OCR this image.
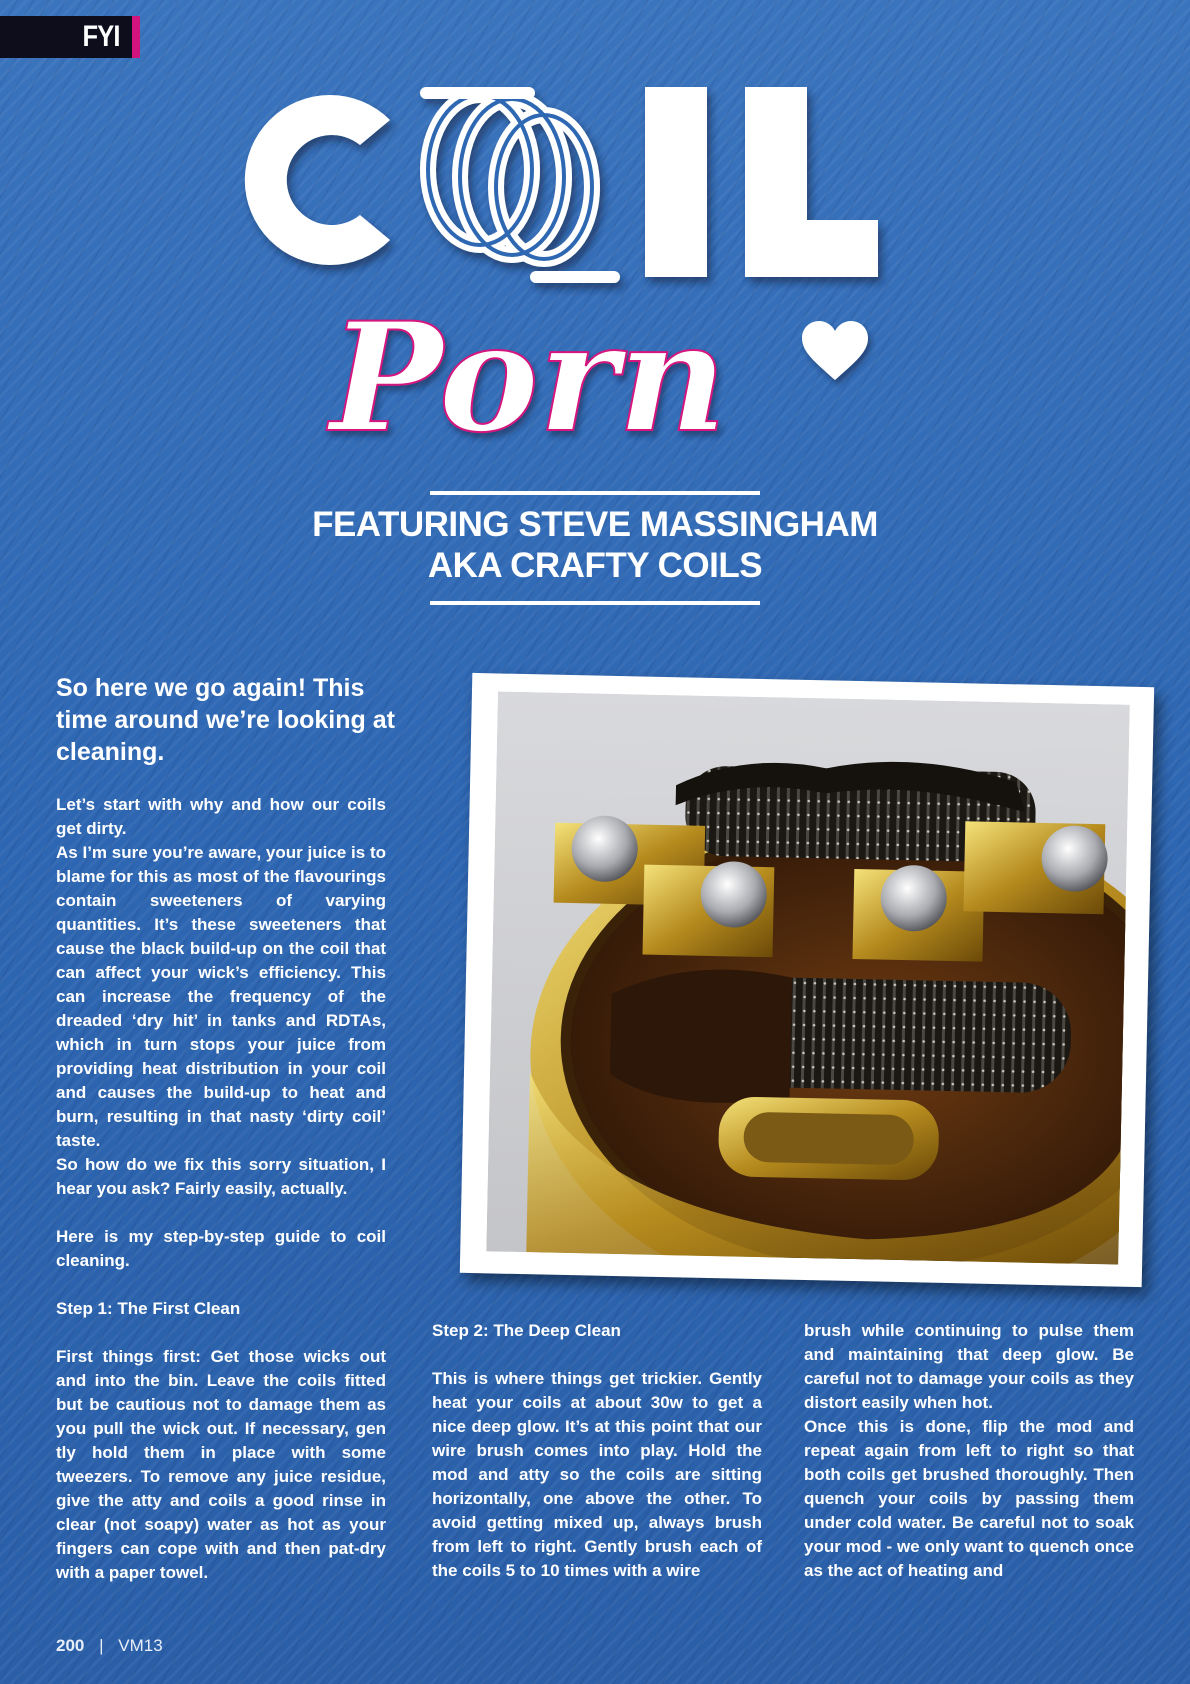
FYI
COIL
Porn
FEATURING STEVE MASSINGHAM
AKA CRAFTY COILS
So here we go again! This time around we’re looking at cleaning.

Let’s start with why and how our coils get dirty.

As I’m sure you’re aware, your juice is to blame for this as most of the flavourings contain sweeteners of varying quantities. It’s these sweeteners that cause the black build-up on the coil that can affect your wick’s efficiency. This can increase the frequency of the dreaded ‘dry hit’ in tanks and RDTAs, which in turn stops your juice from providing heat distribution in your coil and causes the build-up to heat and burn, resulting in that nasty ‘dirty coil’ taste.

So how do we fix this sorry situation, I hear you ask? Fairly easily, actually.

Here is my step-by-step guide to coil cleaning.

Step 1: The First Clean

First things first: Get those wicks out and into the bin. Leave the coils fitted but be cautious not to damage them as you pull the wick out. If necessary, gen tly hold them in place with some tweezers. To remove any juice residue, give the atty and coils a good rinse in clear (not soapy) water as hot as your fingers can cope with and then pat-dry with a paper towel.

Step 2: The Deep Clean

This is where things get trickier. Gently heat your coils at about 30w to get a nice deep glow. It’s at this point that our wire brush comes into play. Hold the mod and atty so the coils are sitting horizontally, one above the other. To avoid getting mixed up, always brush from left to right. Gently brush each of the coils 5 to 10 times with a wire

brush while continuing to pulse them and maintaining that deep glow. Be careful not to damage your coils as they distort easily when hot.

Once this is done, flip the mod and repeat again from left to right so that both coils get brushed thoroughly. Then quench your coils by passing them under cold water. Be careful not to soak your mod - we only want to quench once as the act of heating and

200 | VM13
